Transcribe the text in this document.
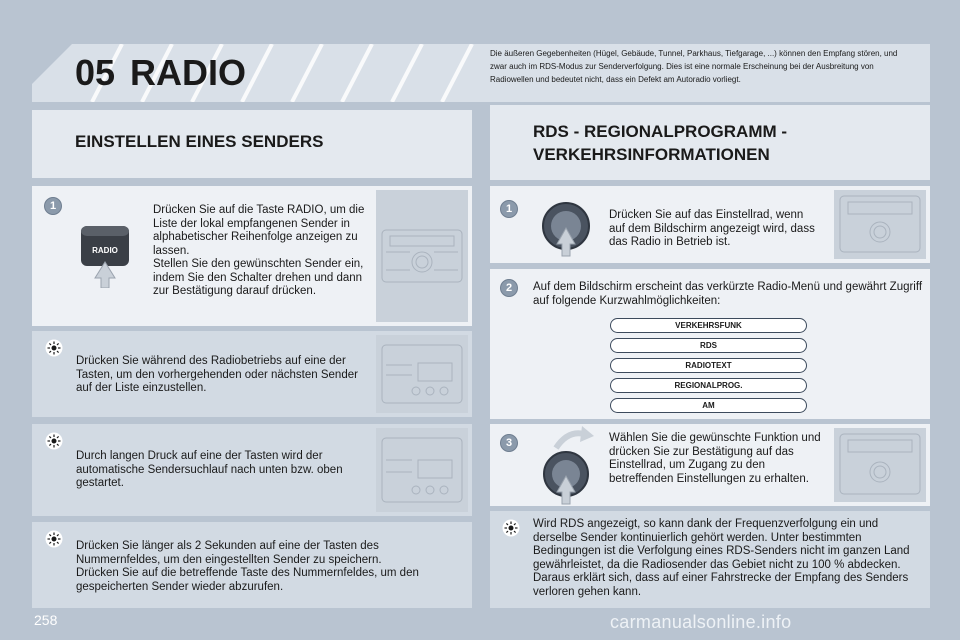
05 RADIO	Die äußeren Gegebenheiten (Hügel, Gebäude, Tunnel, Parkhaus, Tiefgarage, ...) können den Empfang stören, und zwar auch im RDS-Modus zur Senderverfolgung. Dies ist eine normale Erscheinung bei der Ausbreitung von Radiowellen und bedeutet nicht, dass ein Defekt am Autoradio vorliegt.
EINSTELLEN EINES SENDERS
1
RADIO
Drücken Sie auf die Taste RADIO, um die Liste der lokal empfangenen Sender in alphabetischer Reihenfolge anzeigen zu lassen.
Stellen Sie den gewünschten Sender ein, indem Sie den Schalter drehen und dann zur Bestätigung darauf drücken.
Drücken Sie während des Radiobetriebs auf eine der Tasten, um den vorhergehenden oder nächsten Sender auf der Liste einzustellen.
Durch langen Druck auf eine der Tasten wird der automatische Sendersuchlauf nach unten bzw. oben gestartet.
Drücken Sie länger als 2 Sekunden auf eine der Tasten des Nummernfeldes, um den eingestellten Sender zu speichern.
Drücken Sie auf die betreffende Taste des Nummernfeldes, um den gespeicherten Sender wieder abzurufen.
RDS - REGIONALPROGRAMM -
VERKEHRSINFORMATIONEN
1	Drücken Sie auf das Einstellrad, wenn auf dem Bildschirm angezeigt wird, dass das Radio in Betrieb ist.
2	Auf dem Bildschirm erscheint das verkürzte Radio-Menü und gewährt Zugriff auf folgende Kurzwahlmöglichkeiten:
VERKEHRSFUNK
RDS
RADIOTEXT
REGIONALPROG.
AM
3	Wählen Sie die gewünschte Funktion und drücken Sie zur Bestätigung auf das Einstellrad, um Zugang zu den betreffenden Einstellungen zu erhalten.
Wird RDS angezeigt, so kann dank der Frequenzverfolgung ein und derselbe Sender kontinuierlich gehört werden. Unter bestimmten Bedingungen ist die Verfolgung eines RDS-Senders nicht im ganzen Land gewährleistet, da die Radiosender das Gebiet nicht zu 100 % abdecken. Daraus erklärt sich, dass auf einer Fahrstrecke der Empfang des Senders verloren gehen kann.
258	carmanualsonline.info
